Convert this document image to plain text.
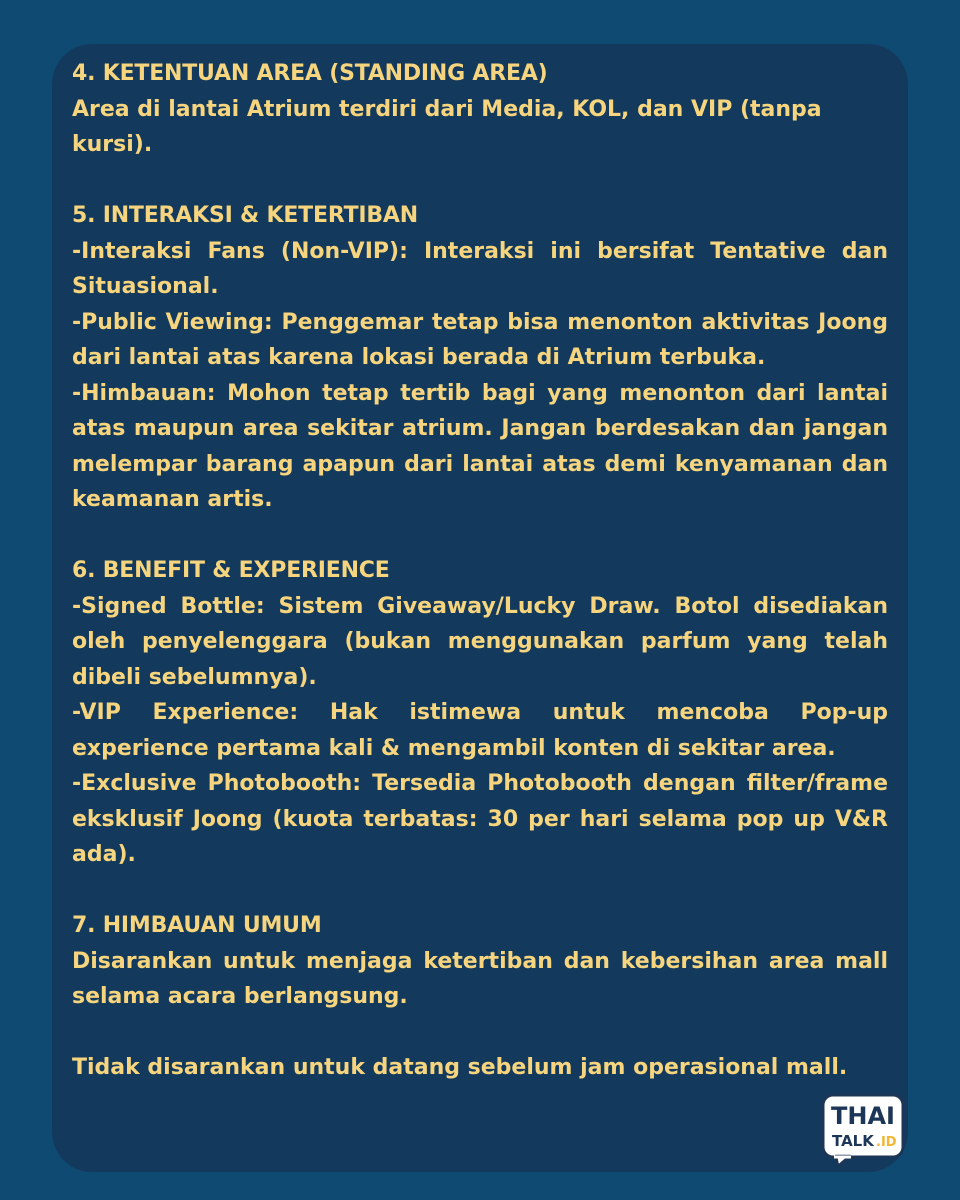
4. KETENTUAN AREA (STANDING AREA)

Area di lantai Atrium terdiri dari Media, KOL, dan VIP (tanpa kursi).

5. INTERAKSI & KETERTIBAN

-Interaksi Fans (Non-VIP): Interaksi ini bersifat Tentative dan Situasional.

-Public Viewing: Penggemar tetap bisa menonton aktivitas Joong dari lantai atas karena lokasi berada di Atrium terbuka.

-Himbauan: Mohon tetap tertib bagi yang menonton dari lantai atas maupun area sekitar atrium. Jangan berdesakan dan jangan melempar barang apapun dari lantai atas demi kenyamanan dan keamanan artis.

6. BENEFIT & EXPERIENCE

-Signed Bottle: Sistem Giveaway/Lucky Draw. Botol disediakan oleh penyelenggara (bukan menggunakan parfum yang telah dibeli sebelumnya).

-VIP Experience: Hak istimewa untuk mencoba Pop-up experience pertama kali & mengambil konten di sekitar area.

-Exclusive Photobooth: Tersedia Photobooth dengan filter/frame eksklusif Joong (kuota terbatas: 30 per hari selama pop up V&R ada).

7. HIMBAUAN UMUM

Disarankan untuk menjaga ketertiban dan kebersihan area mall selama acara berlangsung.

Tidak disarankan untuk datang sebelum jam operasional mall.

THAI
TALK .ID
